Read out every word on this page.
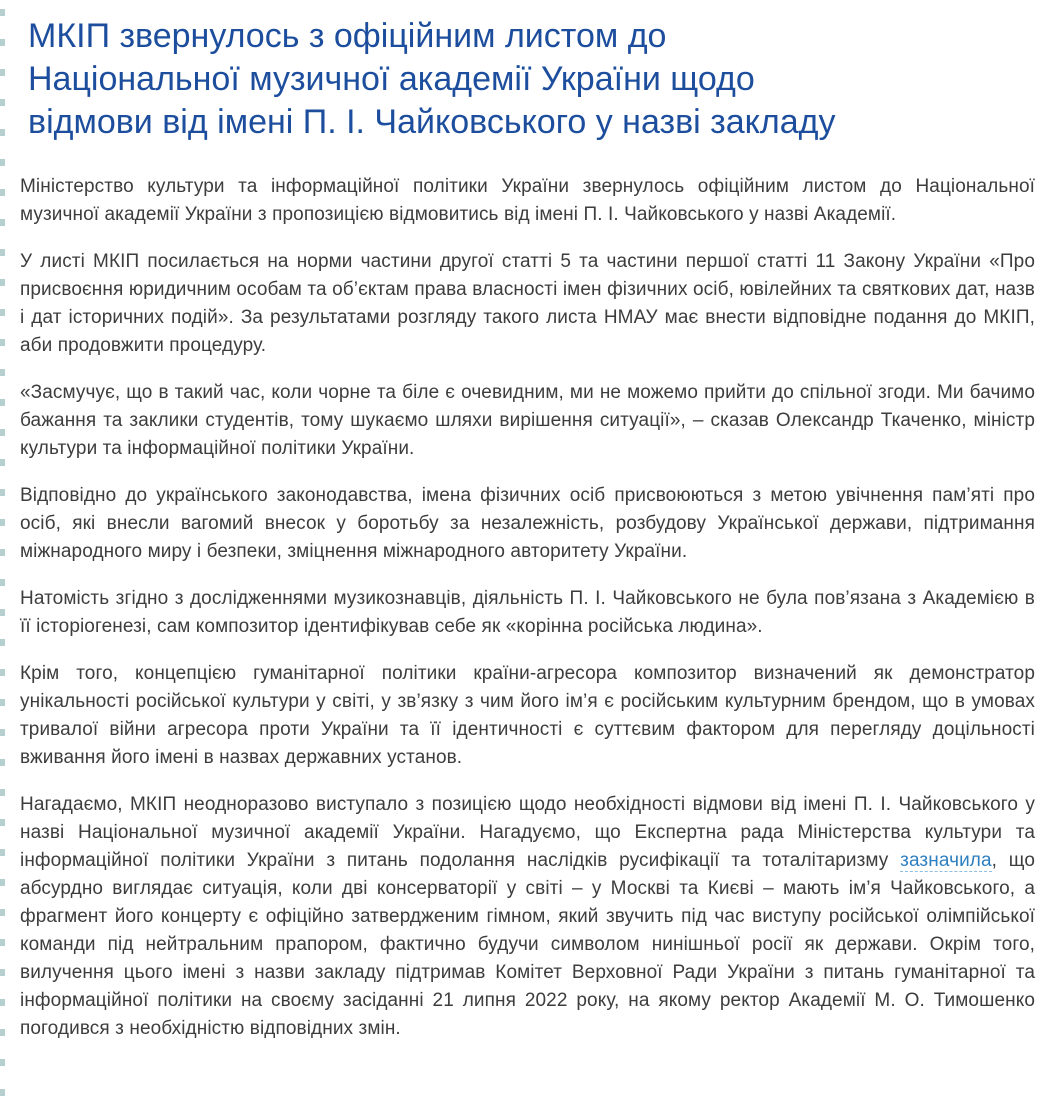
МКІП звернулось з офіційним листом до
Національної музичної академії України щодо
відмови від імені П. І. Чайковського у назві закладу

Міністерство культури та інформаційної політики України звернулось офіційним листом до Національної музичної академії України з пропозицією відмовитись від імені П. І. Чайковського у назві Академії.

У листі МКІП посилається на норми частини другої статті 5 та частини першої статті 11 Закону України «Про присвоєння юридичним особам та об’єктам права власності імен фізичних осіб, ювілейних та святкових дат, назв і дат історичних подій». За результатами розгляду такого листа НМАУ має внести відповідне подання до МКІП, аби продовжити процедуру.

«Засмучує, що в такий час, коли чорне та біле є очевидним, ми не можемо прийти до спільної згоди. Ми бачимо бажання та заклики студентів, тому шукаємо шляхи вирішення ситуації», – сказав Олександр Ткаченко, міністр культури та інформаційної політики України.

Відповідно до українського законодавства, імена фізичних осіб присвоюються з метою увічнення пам’яті про осіб, які внесли вагомий внесок у боротьбу за незалежність, розбудову Української держави, підтримання міжнародного миру і безпеки, зміцнення міжнародного авторитету України.

Натомість згідно з дослідженнями музикознавців, діяльність П. І. Чайковського не була пов’язана з Академією в її історіогенезі, сам композитор ідентифікував себе як «корінна російська людина».

Крім того, концепцією гуманітарної політики країни-агресора композитор визначений як демонстратор унікальності російської культури у світі, у зв’язку з чим його ім’я є російським культурним брендом, що в умовах тривалої війни агресора проти України та її ідентичності є суттєвим фактором для перегляду доцільності вживання його імені в назвах державних установ.

Нагадаємо, МКІП неодноразово виступало з позицією щодо необхідності відмови від імені П. І. Чайковського у назві Національної музичної академії України. Нагадуємо, що Експертна рада Міністерства культури та інформаційної політики України з питань подолання наслідків русифікації та тоталітаризму зазначила, що абсурдно виглядає ситуація, коли дві консерваторії у світі – у Москві та Києві – мають ім’я Чайковського, а фрагмент його концерту є офіційно затвердженим гімном, який звучить під час виступу російської олімпійської команди під нейтральним прапором, фактично будучи символом нинішньої росії як держави. Окрім того, вилучення цього імені з назви закладу підтримав Комітет Верховної Ради України з питань гуманітарної та інформаційної політики на своєму засіданні 21 липня 2022 року, на якому ректор Академії М. О. Тимошенко погодився з необхідністю відповідних змін.
